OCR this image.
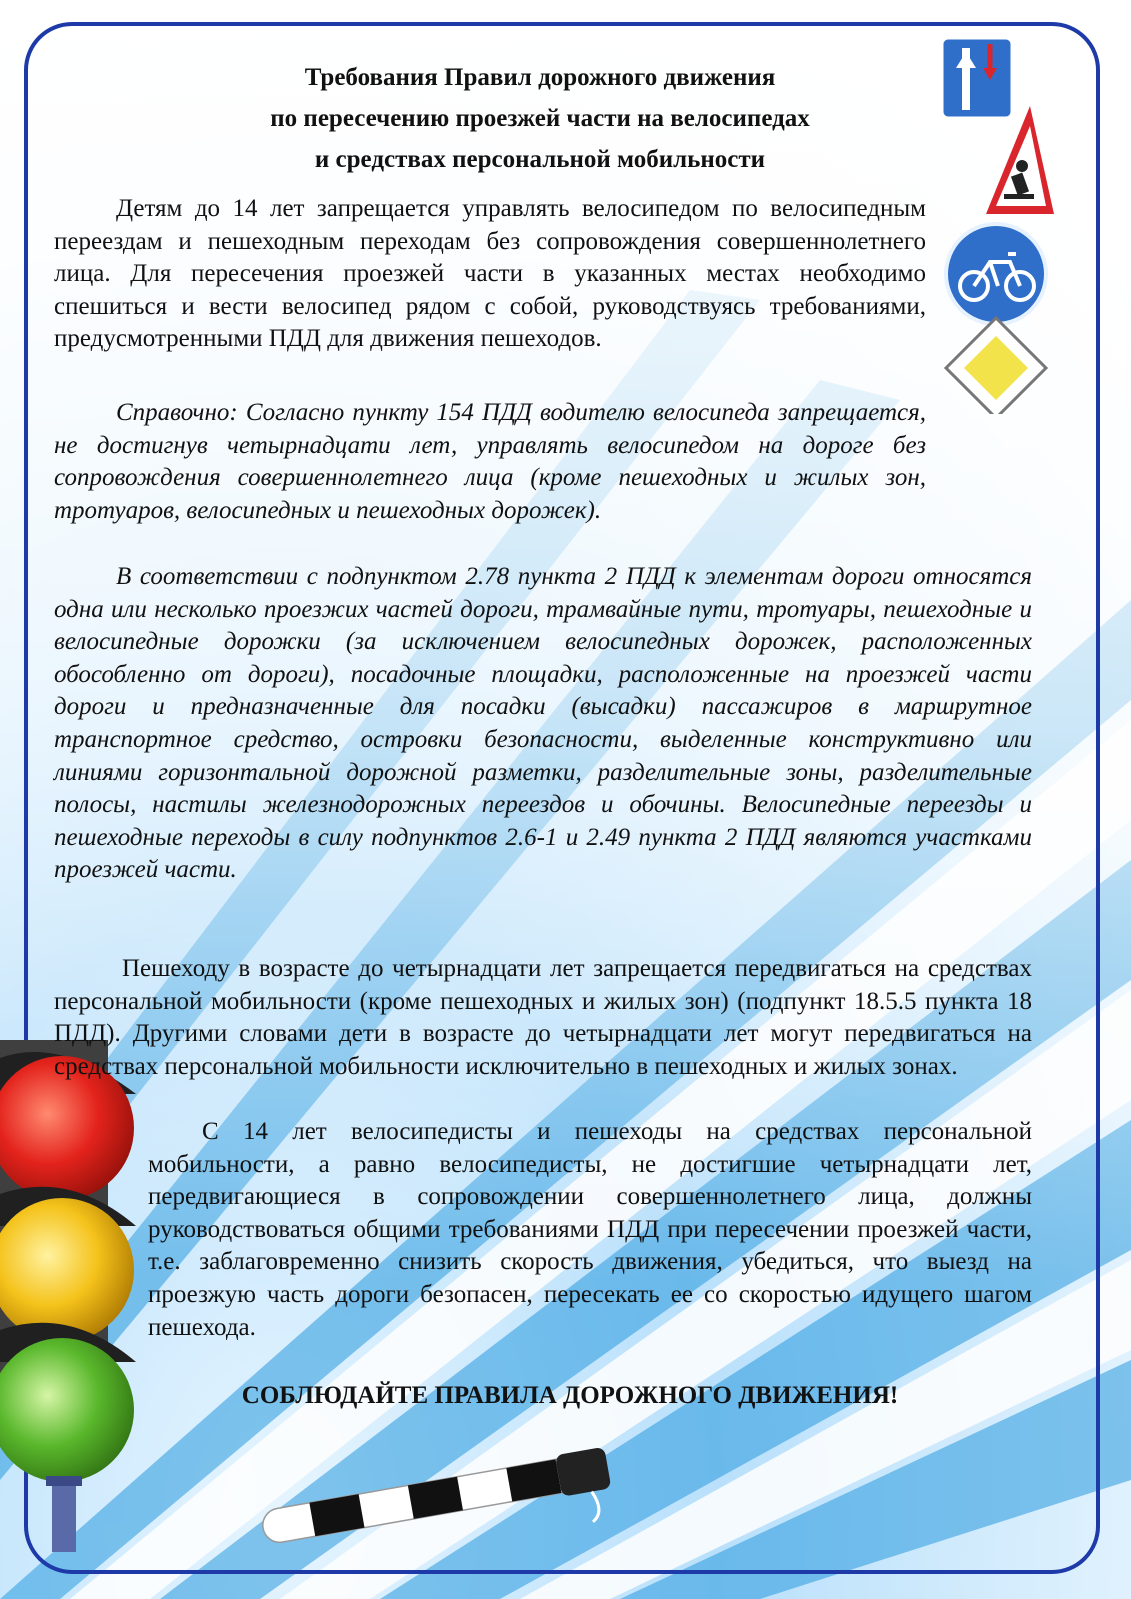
Требования Правил дорожного движения
по пересечению проезжей части на велосипедах
и средствах персональной мобильности
Детям до 14 лет запрещается управлять велосипедом по велосипедным переездам и пешеходным переходам без сопровождения совершеннолетнего лица. Для пересечения проезжей части в указанных местах необходимо спешиться и вести велосипед рядом с собой, руководствуясь требованиями, предусмотренными ПДД для движения пешеходов.
Справочно: Согласно пункту 154 ПДД водителю велосипеда запрещается, не достигнув четырнадцати лет, управлять велосипедом на дороге без сопровождения совершеннолетнего лица (кроме пешеходных и жилых зон, тротуаров, велосипедных и пешеходных дорожек).
В соответствии с подпунктом 2.78 пункта 2 ПДД к элементам дороги относятся одна или несколько проезжих частей дороги, трамвайные пути, тротуары, пешеходные и велосипедные дорожки (за исключением велосипедных дорожек, расположенных обособленно от дороги), посадочные площадки, расположенные на проезжей части дороги и предназначенные для посадки (высадки) пассажиров в маршрутное транспортное средство, островки безопасности, выделенные конструктивно или линиями горизонтальной дорожной разметки, разделительные зоны, разделительные полосы, настилы железнодорожных переездов и обочины. Велосипедные переезды и пешеходные переходы в силу подпунктов 2.6-1 и 2.49 пункта 2 ПДД являются участками проезжей части.
Пешеходу в возрасте до четырнадцати лет запрещается передвигаться на средствах персональной мобильности (кроме пешеходных и жилых зон) (подпункт 18.5.5 пункта 18 ПДД). Другими словами дети в возрасте до четырнадцати лет могут передвигаться на средствах персональной мобильности исключительно в пешеходных и жилых зонах.
С 14 лет велосипедисты и пешеходы на средствах персональной мобильности, а равно велосипедисты, не достигшие четырнадцати лет, передвигающиеся в сопровождении совершеннолетнего лица, должны руководствоваться общими требованиями ПДД при пересечении проезжей части, т.е. заблаговременно снизить скорость движения, убедиться, что выезд на проезжую часть дороги безопасен, пересекать ее со скоростью идущего шагом пешехода.
СОБЛЮДАЙТЕ ПРАВИЛА ДОРОЖНОГО ДВИЖЕНИЯ!
